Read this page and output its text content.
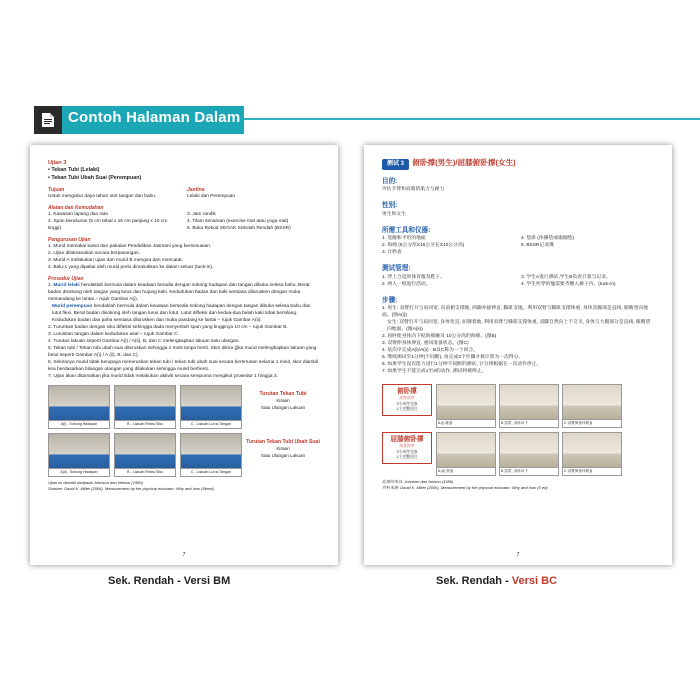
Contoh Halaman Dalam
Ujian 3
• Tekan Tubi (Lelaki)
• Tekan Tubi Ubah Suai (Perempuan)
Tujuan
Untuk mengukur daya tahan otot tangan dan bahu.
Jantina
Lelaki dan Perempuan
Alatan dan Kemudahan
1. Kawasan lapang dan rata
2. Span berukuran (5 cm tebal x 15 cm panjang x 10 cm tinggi)
3. Jam randik
4. Tilam senaman (exercise mat atau yoga mat)
5. Buku Rekod SEGAK Sekolah Rendah (BSSR)
Pengurusan Ujian
1. Murid memakai kasut dan pakaian Pendidikan Jasmani yang bersesuaian.
2. Ujian dilaksanakan secara berpasangan.
3. Murid A melakukan ujian dan murid B mengira dan mencatat.
4. Balu-1 yang dipakai oleh murid perlu dimasukkan ke dalam seluar (tuck-in).
Prosedur Ujian
1. Murid lelaki hendaklah bermula dalam keadaan beradia dengan sokong hadapan dan tangan dibuka selesa bahu. Berat badan disokong oleh tangan yang lurus dan hujung kaki. Kedudukan badan dan kaki sentiasa dilurusken dengan muka memandang ke lantai – rujuk Gambar A(i).
Murid perempuan hendaklah bermula dalam keadaan bersedia sokong hadapan dengan tangan dibuka selesa bahu dan lutut flexi. Berat badan disokong oleh tangan lurus dan lutut. Lutut difleksi dan kedua-dua belah kaki tidak bersilang. Kedudukan badan dan paha sentiasa dilurusken dan muka pandang ke lantai – rujuk Gambar A(ii).
2. Turunkan badan dengan siku difleksi sehingga dada menyentuh span yang tingginya 10 cm – rujuk Gambar B.
3. Luruskan tangan dalam kedudukan asal – rujuk Gambar C.
4. Turutan lakuan seperti Gambar A(i) / A(ii), B, dan C melengkapkan lakuan satu ulangan.
5. Tekan tubi / Tekan tubi ubah suai diteruskan sehingga 1 minit tanpa henti. Skor dikira (jika murid melengkapkan lakuan yang betul seperti Gambar A(i) / A (ii), B, dan C).
6. Sekiranya murid tidak berupaya meneruskan tekan tubi / tekan tubi ubah suai secara berterusan selama 1 minit, skor diambil kira berdasarkan bilangan ulangan yang dilakukan sehingga murid berhenti.
7. Ujian akan ditamatkan jika murid tidak melakukan aktiviti secara sempurna mengikut prosedur 1 hingga 3.
A(i) - Sokong Hadapan	B - Lakuan Fleksi Siku	C - Lakuan Lurus Tangan
Turutan Tekan Tubi
Kiraan
Satu Ulangan Lakuan
A(ii) - Sokong Hadapan	B - Lakuan Fleksi Siku	C - Lakuan Lurus Tangan
Turutan Tekan Tubi Ubah Suai
Kiraan
Satu Ulangan Lakuan
Ujian ini diambil daripada Johnson dan Nelson (1986)
Sumber: David K. Miller (2006). Measurement by the physical educator: Why and how (5thed)
7
测试 3 俯卧撑(男生)/屈膝俯卧撑(女生)
目的:
评估手臂和肩膀的肌力与耐力
性别:
男生和女生
所需工具和仪器:
1. 宽敞和平坦的地面
2. 海绵 (5公分厚X15公分长X10公分高)
3. 计秒表
4. 垫席 (体操垫或瑜伽垫)
5. BSSR记录簿
测试管理:
1. 穿上合适的体育服及鞋子。
2. 两人一组进行活动。
3. 学生A进行测试,学生B负责计算与记录。
4. 学生所穿的恤需要齐腰入裤子内。(tuck-in)
步骤:
1. 男生: 双臂打开与肩同宽, 向前俯支撑地, 两脚并拢伸直, 脚趾支地。利用双臂与脚趾支撑体重, 身体及脚部是直线, 眼睛望向地面。(图A(i))
女生: 双臂打开与肩同宽, 身体变直, 屈膝着地, 利用双臂与膝部支撑体重, 双脚自然向上不交叉, 身体与大腿部分是直线, 眼睛望向地面。(图A(ii))
2. 屈肘使身体向下贴海绵触及 10公分高的海绵。(图B)
3. 双臂伸身体伸直, 重回准备状态。(图C)
4. 依次序完成A(i)/A(ii) · B及C称为一个回合。
5. 继续测试至1分钟(不间断), 每完成3个步骤才被计算为一次得分。
6. 如果学生没有能力进行1分钟不间断的测试, 计分将根据在一次动作停止。
7. 如果学生不能完成1至3的动作, 测试将被终止。
俯卧撑
动作次序
3个动作完成
1个完整回合
A (i) 准备	B 屈肘, 身体向下	C 双臂伸身体伸直
屈膝俯卧撑
动作次序
3个动作完成
1个完整回合
A (ii) 准备	B 屈肘, 身体向下	C 双臂伸身体伸直
此测试来自: Johnson dan Nelson (1986)
资料来源: David K. Miller (2006). Measurement by the physical educator: Why and how (5 ed)
7
Sek. Rendah - Versi BM	Sek. Rendah - Versi BC
